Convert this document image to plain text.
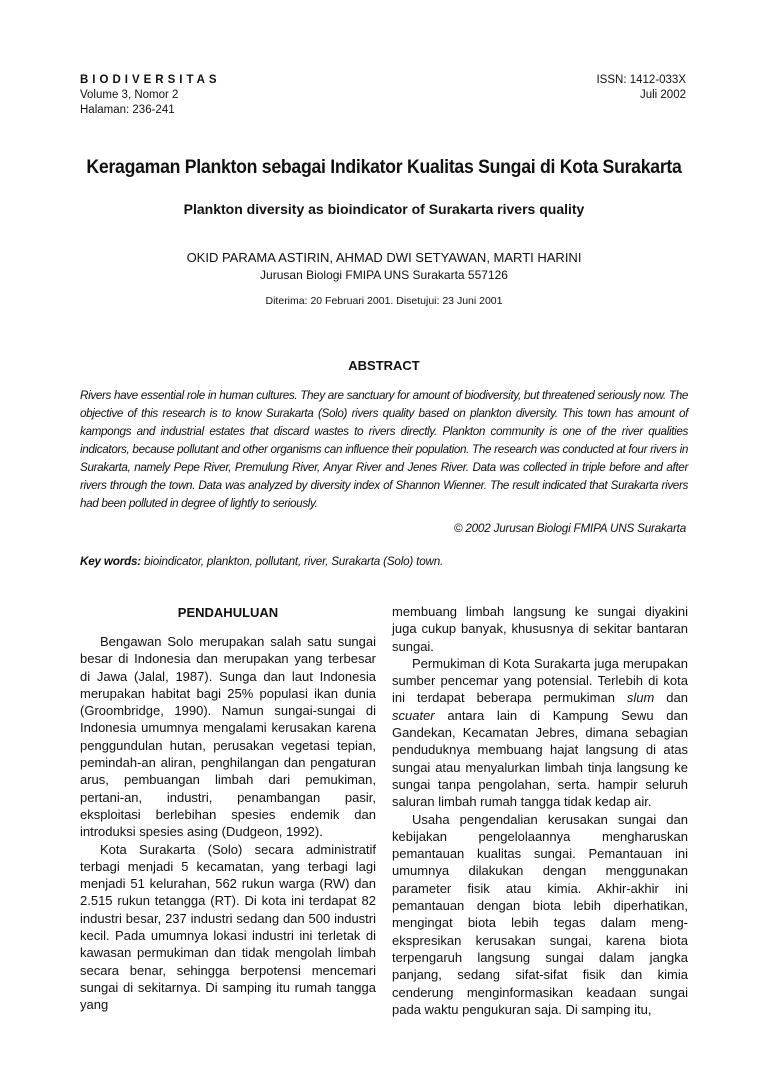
BIODIVERSITAS
Volume 3, Nomor 2
Halaman: 236-241
ISSN: 1412-033X
Juli 2002
Keragaman Plankton sebagai Indikator Kualitas Sungai di Kota Surakarta
Plankton diversity as bioindicator of Surakarta rivers quality
OKID PARAMA ASTIRIN, AHMAD DWI SETYAWAN, MARTI HARINI
Jurusan Biologi FMIPA UNS Surakarta 557126
Diterima: 20 Februari 2001. Disetujui: 23 Juni 2001
ABSTRACT
Rivers have essential role in human cultures. They are sanctuary for amount of biodiversity, but threatened seriously now. The objective of this research is to know Surakarta (Solo) rivers quality based on plankton diversity. This town has amount of kampongs and industrial estates that discard wastes to rivers directly. Plankton community is one of the river qualities indicators, because pollutant and other organisms can influence their population. The research was conducted at four rivers in Surakarta, namely Pepe River, Premulung River, Anyar River and Jenes River. Data was collected in triple before and after rivers through the town. Data was analyzed by diversity index of Shannon Wienner. The result indicated that Surakarta rivers had been polluted in degree of lightly to seriously.
© 2002 Jurusan Biologi FMIPA UNS Surakarta
Key words: bioindicator, plankton, pollutant, river, Surakarta (Solo) town.
PENDAHULUAN

Bengawan Solo merupakan salah satu sungai besar di Indonesia dan merupakan yang terbesar di Jawa (Jalal, 1987). Sunga dan laut Indonesia merupakan habitat bagi 25% populasi ikan dunia (Groombridge, 1990). Namun sungai-sungai di Indonesia umumnya mengalami kerusakan karena penggundulan hutan, perusakan vegetasi tepian, pemindah-an aliran, penghilangan dan pengaturan arus, pembuangan limbah dari pemukiman, pertani-an, industri, penambangan pasir, eksploitasi berlebihan spesies endemik dan introduksi spesies asing (Dudgeon, 1992).

Kota Surakarta (Solo) secara administratif terbagi menjadi 5 kecamatan, yang terbagi lagi menjadi 51 kelurahan, 562 rukun warga (RW) dan 2.515 rukun tetangga (RT). Di kota ini terdapat 82 industri besar, 237 industri sedang dan 500 industri kecil. Pada umumnya lokasi industri ini terletak di kawasan permukiman dan tidak mengolah limbah secara benar, sehingga berpotensi mencemari sungai di sekitarnya. Di samping itu rumah tangga yang

membuang limbah langsung ke sungai diyakini juga cukup banyak, khususnya di sekitar bantaran sungai.

Permukiman di Kota Surakarta juga merupakan sumber pencemar yang potensial. Terlebih di kota ini terdapat beberapa permukiman slum dan scuater antara lain di Kampung Sewu dan Gandekan, Kecamatan Jebres, dimana sebagian penduduknya membuang hajat langsung di atas sungai atau menyalurkan limbah tinja langsung ke sungai tanpa pengolahan, serta. hampir seluruh saluran limbah rumah tangga tidak kedap air.

Usaha pengendalian kerusakan sungai dan kebijakan pengelolaannya mengharuskan pemantauan kualitas sungai. Pemantauan ini umumnya dilakukan dengan menggunakan parameter fisik atau kimia. Akhir-akhir ini pemantauan dengan biota lebih diperhatikan, mengingat biota lebih tegas dalam meng-ekspresikan kerusakan sungai, karena biota terpengaruh langsung sungai dalam jangka panjang, sedang sifat-sifat fisik dan kimia cenderung menginformasikan keadaan sungai pada waktu pengukuran saja. Di samping itu,
